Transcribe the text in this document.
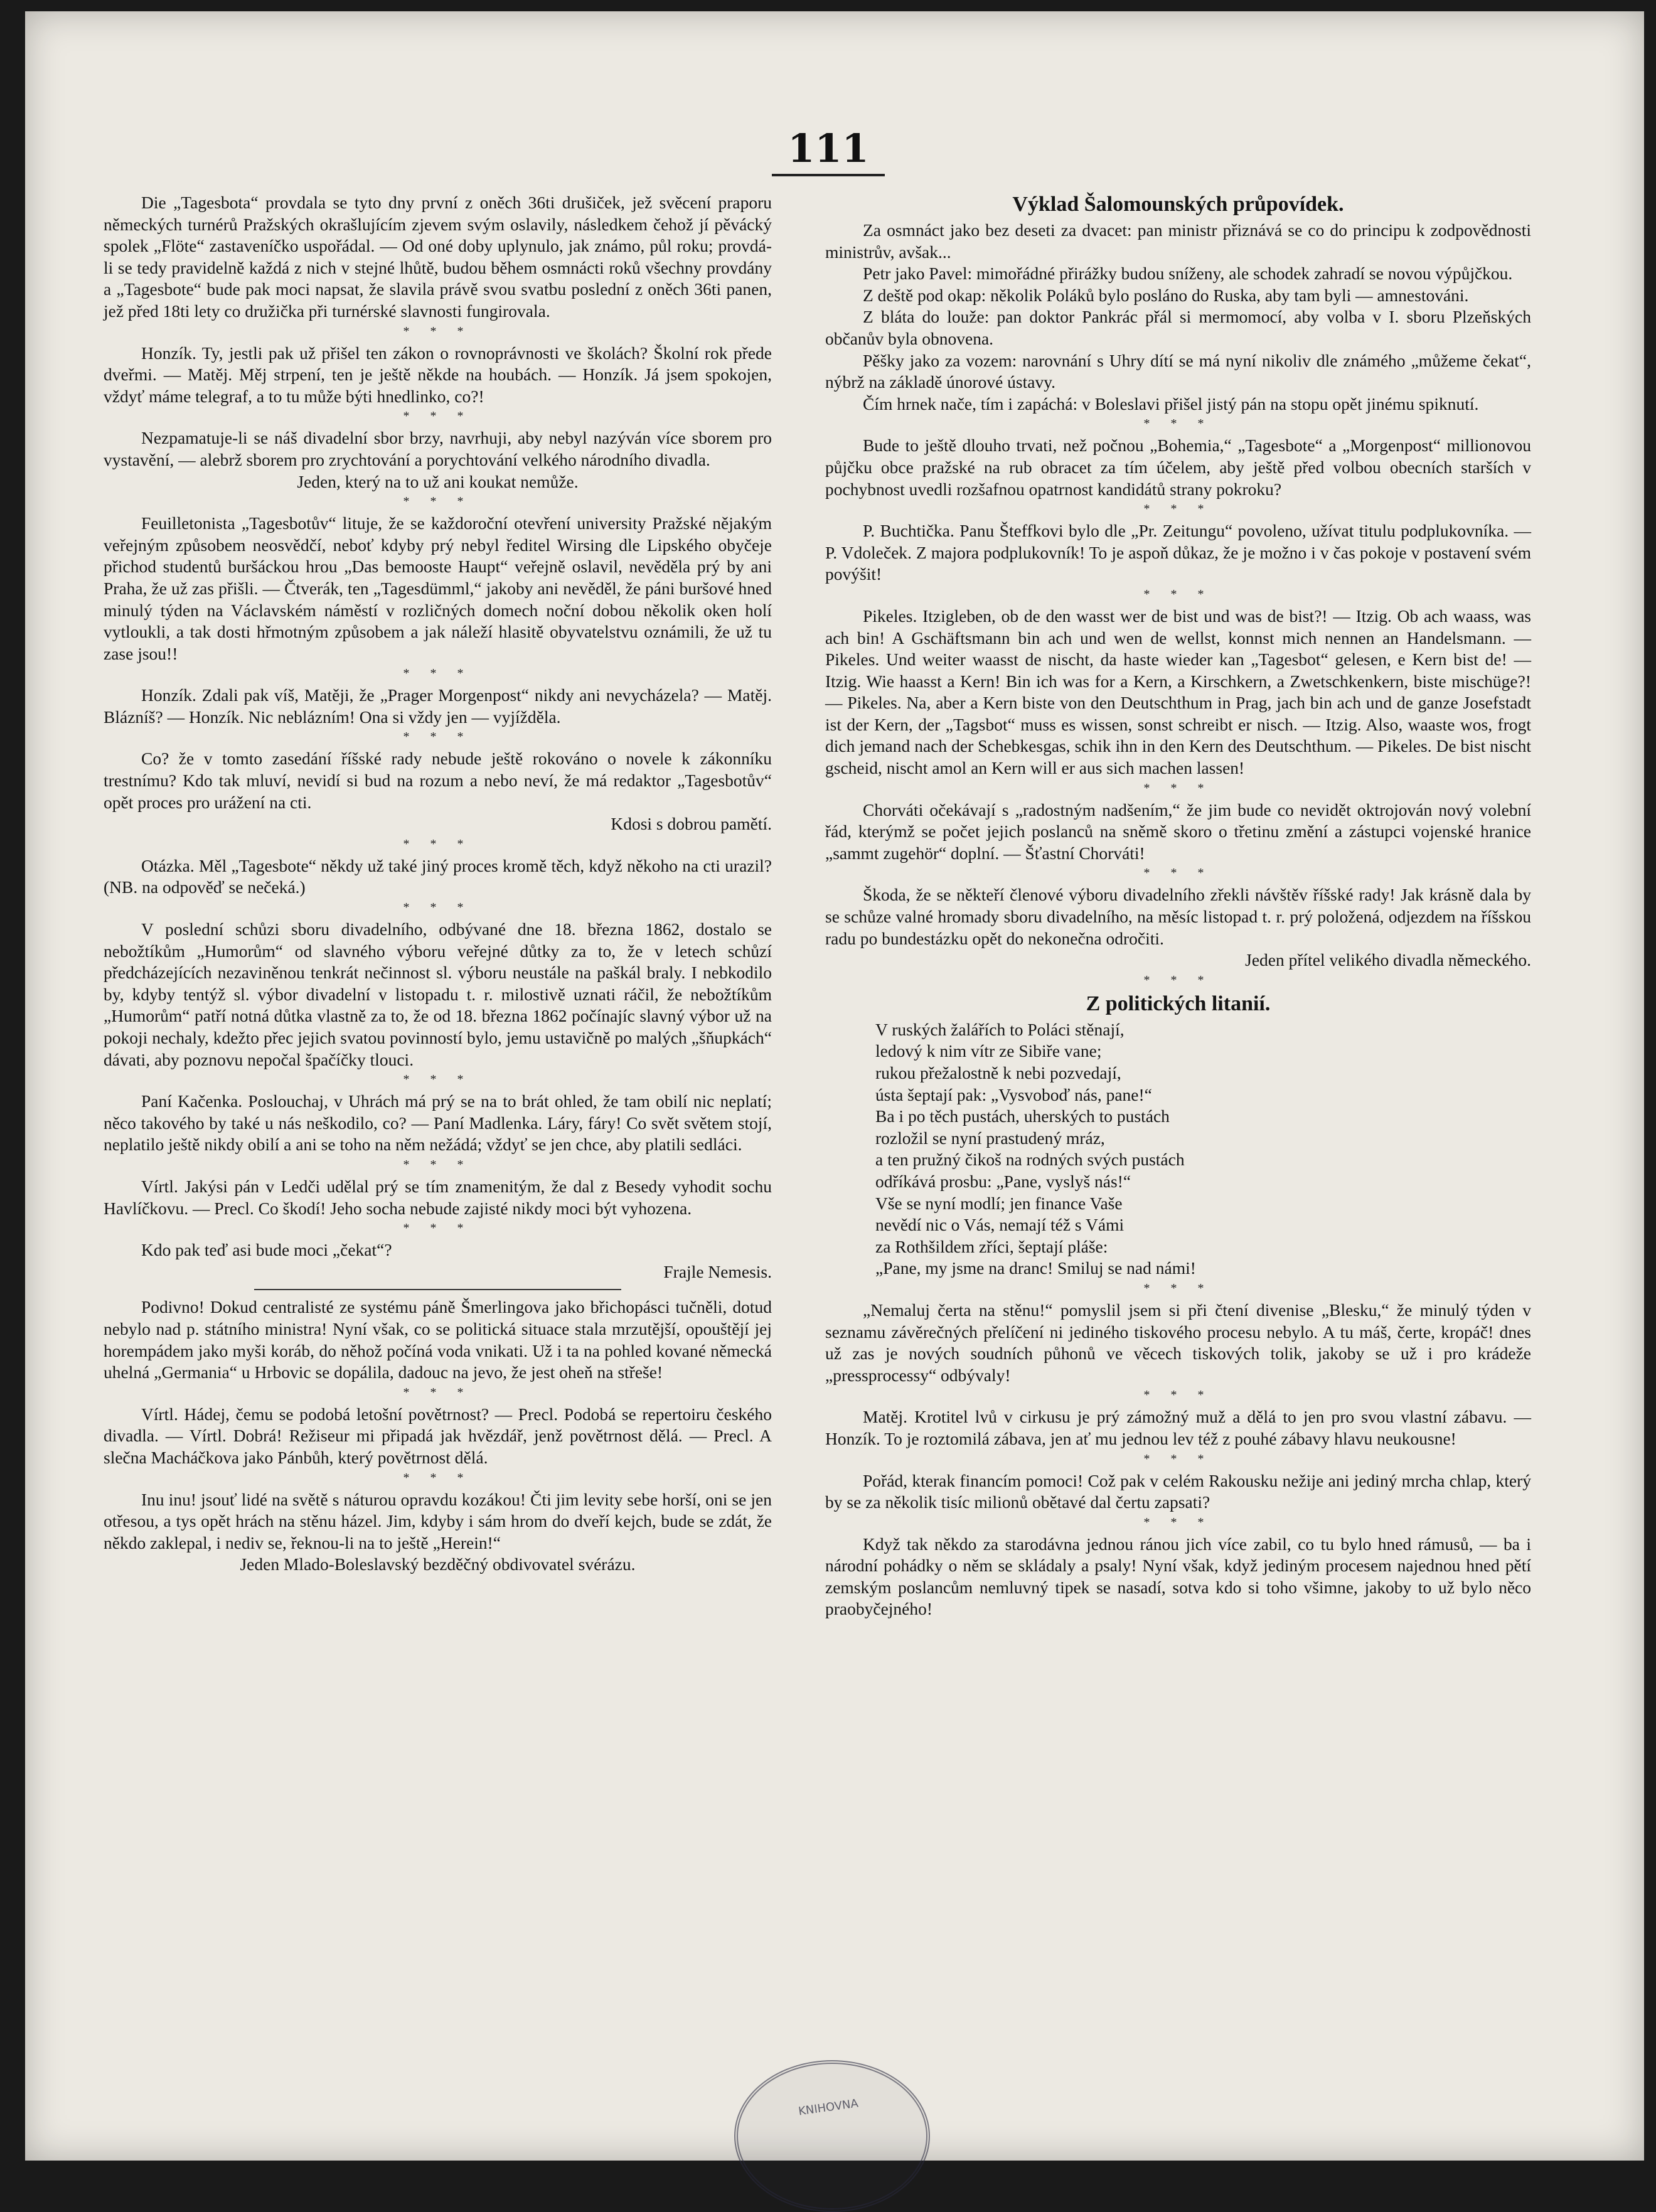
111

Die „Tagesbota“ provdala se tyto dny první z oněch 36ti drušiček, jež svěcení praporu německých turnérů Pražských okrašlujícím zjevem svým oslavily, následkem čehož jí pěvácký spolek „Flöte“ zastaveníčko uspořádal. — Od oné doby uplynulo, jak známo, půl roku; provdá-li se tedy pravidelně každá z nich v stejné lhůtě, budou během osmnácti roků všechny provdány a „Tagesbote“ bude pak moci napsat, že slavila právě svou svatbu poslední z oněch 36ti panen, jež před 18ti lety co družička při turnérské slavnosti fungirovala.

* * *

Honzík. Ty, jestli pak už přišel ten zákon o rovnoprávnosti ve školách? Školní rok přede dveřmi. — Matěj. Měj strpení, ten je ještě někde na houbách. — Honzík. Já jsem spokojen, vždyť máme telegraf, a to tu může býti hnedlinko, co?!

* * *

Nezpamatuje-li se náš divadelní sbor brzy, navrhuji, aby nebyl nazýván více sborem pro vystavění, — alebrž sborem pro zrychtování a porychtování velkého národního divadla.

Jeden, který na to už ani koukat nemůže.

* * *

Feuilletonista „Tagesbotův“ lituje, že se každoroční otevření university Pražské nějakým veřejným způsobem neosvědčí, neboť kdyby prý nebyl ředitel Wirsing dle Lipského obyčeje přichod studentů buršáckou hrou „Das bemooste Haupt“ veřejně oslavil, nevěděla prý by ani Praha, že už zas přišli. — Čtverák, ten „Tagesdümml,“ jakoby ani nevěděl, že páni buršové hned minulý týden na Václavském náměstí v rozličných domech noční dobou několik oken holí vytloukli, a tak dosti hřmotným způsobem a jak náleží hlasitě obyvatelstvu oznámili, že už tu zase jsou!!

* * *

Honzík. Zdali pak víš, Matěji, že „Prager Morgenpost“ nikdy ani nevycházela? — Matěj. Blázníš? — Honzík. Nic neblázním! Ona si vždy jen — vyjížděla.

* * *

Co? že v tomto zasedání říšské rady nebude ještě rokováno o novele k zákonníku trestnímu? Kdo tak mluví, nevidí si bud na rozum a nebo neví, že má redaktor „Tagesbotův“ opět proces pro urážení na cti.

Kdosi s dobrou pamětí.

* * *

Otázka. Měl „Tagesbote“ někdy už také jiný proces kromě těch, když někoho na cti urazil? (NB. na odpověď se nečeká.)

* * *

V poslední schůzi sboru divadelního, odbývané dne 18. března 1862, dostalo se nebožtíkům „Humorům“ od slavného výboru veřejné důtky za to, že v letech schůzí předcházejících nezaviněnou tenkrát nečinnost sl. výboru neustále na paškál braly. I nebkodilo by, kdyby tentýž sl. výbor divadelní v listopadu t. r. milostivě uznati ráčil, že nebožtíkům „Humorům“ patří notná důtka vlastně za to, že od 18. března 1862 počínajíc slavný výbor už na pokoji nechaly, kdežto přec jejich svatou povinností bylo, jemu ustavičně po malých „šňupkách“ dávati, aby poznovu nepočal špačíčky tlouci.

* * *

Paní Kačenka. Poslouchaj, v Uhrách má prý se na to brát ohled, že tam obilí nic neplatí; něco takového by také u nás neškodilo, co? — Paní Madlenka. Láry, fáry! Co svět světem stojí, neplatilo ještě nikdy obilí a ani se toho na něm nežádá; vždyť se jen chce, aby platili sedláci.

* * *

Vírtl. Jakýsi pán v Ledči udělal prý se tím znamenitým, že dal z Besedy vyhodit sochu Havlíčkovu. — Precl. Co škodí! Jeho socha nebude zajisté nikdy moci být vyhozena.

* * *

Kdo pak teď asi bude moci „čekat“?

Frajle Nemesis.

Podivno! Dokud centralisté ze systému páně Šmerlingova jako břichopásci tučněli, dotud nebylo nad p. státního ministra! Nyní však, co se politická situace stala mrzutější, opouštějí jej horempádem jako myši koráb, do něhož počíná voda vnikati. Už i ta na pohled kované německá uhelná „Germania“ u Hrbovic se dopálila, dadouc na jevo, že jest oheň na střeše!

* * *

Vírtl. Hádej, čemu se podobá letošní povětrnost? — Precl. Podobá se repertoiru českého divadla. — Vírtl. Dobrá! Režiseur mi připadá jak hvězdář, jenž povětrnost dělá. — Precl. A slečna Macháčkova jako Pánbůh, který povětrnost dělá.

* * *

Inu inu! jsouť lidé na světě s náturou opravdu kozákou! Čti jim levity sebe horší, oni se jen otřesou, a tys opět hrách na stěnu házel. Jim, kdyby i sám hrom do dveří kejch, bude se zdát, že někdo zaklepal, i nediv se, řeknou-li na to ještě „Herein!“

Jeden Mlado-Boleslavský bezděčný obdivovatel svérázu.

Výklad Šalomounských průpovídek.

Za osmnáct jako bez deseti za dvacet: pan ministr přiznává se co do principu k zodpovědnosti ministrův, avšak...

Petr jako Pavel: mimořádné přirážky budou sníženy, ale schodek zahradí se novou výpůjčkou.

Z deště pod okap: několik Poláků bylo posláno do Ruska, aby tam byli — amnestováni.

Z bláta do louže: pan doktor Pankrác přál si mermomocí, aby volba v I. sboru Plzeňských občanův byla obnovena.

Pěšky jako za vozem: narovnání s Uhry dítí se má nyní nikoliv dle známého „můžeme čekat“, nýbrž na základě únorové ústavy.

Čím hrnek nače, tím i zapáchá: v Boleslavi přišel jistý pán na stopu opět jinému spiknutí.

* * *

Bude to ještě dlouho trvati, než počnou „Bohemia,“ „Tagesbote“ a „Morgenpost“ millionovou půjčku obce pražské na rub obracet za tím účelem, aby ještě před volbou obecních starších v pochybnost uvedli rozšafnou opatrnost kandidátů strany pokroku?

* * *

P. Buchtička. Panu Šteffkovi bylo dle „Pr. Zeitungu“ povoleno, užívat titulu podplukovníka. — P. Vdoleček. Z majora podplukovník! To je aspoň důkaz, že je možno i v čas pokoje v postavení svém povýšit!

* * *

Pikeles. Itzigleben, ob de den wasst wer de bist und was de bist?! — Itzig. Ob ach waass, was ach bin! A Gschäftsmann bin ach und wen de wellst, konnst mich nennen an Handelsmann. — Pikeles. Und weiter waasst de nischt, da haste wieder kan „Tagesbot“ gelesen, e Kern bist de! — Itzig. Wie haasst a Kern! Bin ich was for a Kern, a Kirschkern, a Zwetschkenkern, biste mischüge?! — Pikeles. Na, aber a Kern biste von den Deutschthum in Prag, jach bin ach und de ganze Josefstadt ist der Kern, der „Tagsbot“ muss es wissen, sonst schreibt er nisch. — Itzig. Also, waaste wos, frogt dich jemand nach der Schebkesgas, schik ihn in den Kern des Deutschthum. — Pikeles. De bist nischt gscheid, nischt amol an Kern will er aus sich machen lassen!

* * *

Chorváti očekávají s „radostným nadšením,“ že jim bude co nevidět oktrojován nový volební řád, kterýmž se počet jejich poslanců na sněmě skoro o třetinu změní a zástupci vojenské hranice „sammt zugehör“ doplní. — Šťastní Chorváti!

* * *

Škoda, že se někteří členové výboru divadelního zřekli návštěv říšské rady! Jak krásně dala by se schůze valné hromady sboru divadelního, na měsíc listopad t. r. prý položená, odjezdem na říšskou radu po bundestázku opět do nekonečna odročiti.

Jeden přítel velikého divadla německého.

* * *
Z politických litanií.
V ruských žalářích to Poláci stěnají,
ledový k nim vítr ze Sibiře vane;
rukou přežalostně k nebi pozvedají,
ústa šeptají pak: „Vysvoboď nás, pane!“
Ba i po těch pustách, uherských to pustách
rozložil se nyní prastudený mráz,
a ten pružný čikoš na rodných svých pustách
odříkává prosbu: „Pane, vyslyš nás!“
Vše se nyní modlí; jen finance Vaše
nevědí nic o Vás, nemají též s Vámi
za Rothšildem zříci, šeptají pláše:
„Pane, my jsme na dranc! Smiluj se nad námi!
* * *

„Nemaluj čerta na stěnu!“ pomyslil jsem si při čtení divenise „Blesku,“ že minulý týden v seznamu závěrečných přelíčení ni jediného tiskového procesu nebylo. A tu máš, čerte, kropáč! dnes už zas je nových soudních půhonů ve věcech tiskových tolik, jakoby se už i pro krádeže „pressprocessy“ odbývaly!

* * *

Matěj. Krotitel lvů v cirkusu je prý zámožný muž a dělá to jen pro svou vlastní zábavu. — Honzík. To je roztomilá zábava, jen ať mu jednou lev též z pouhé zábavy hlavu neukousne!

* * *

Pořád, kterak financím pomoci! Což pak v celém Rakousku nežije ani jediný mrcha chlap, který by se za několik tisíc milionů obětavé dal čertu zapsati?

* * *

Když tak někdo za starodávna jednou ránou jich více zabil, co tu bylo hned rámusů, — ba i národní pohádky o něm se skládaly a psaly! Nyní však, když jediným procesem najednou hned pětí zemským poslancům nemluvný tipek se nasadí, sotva kdo si toho všimne, jakoby to už bylo něco praobyčejného!

KNIHOVNA
